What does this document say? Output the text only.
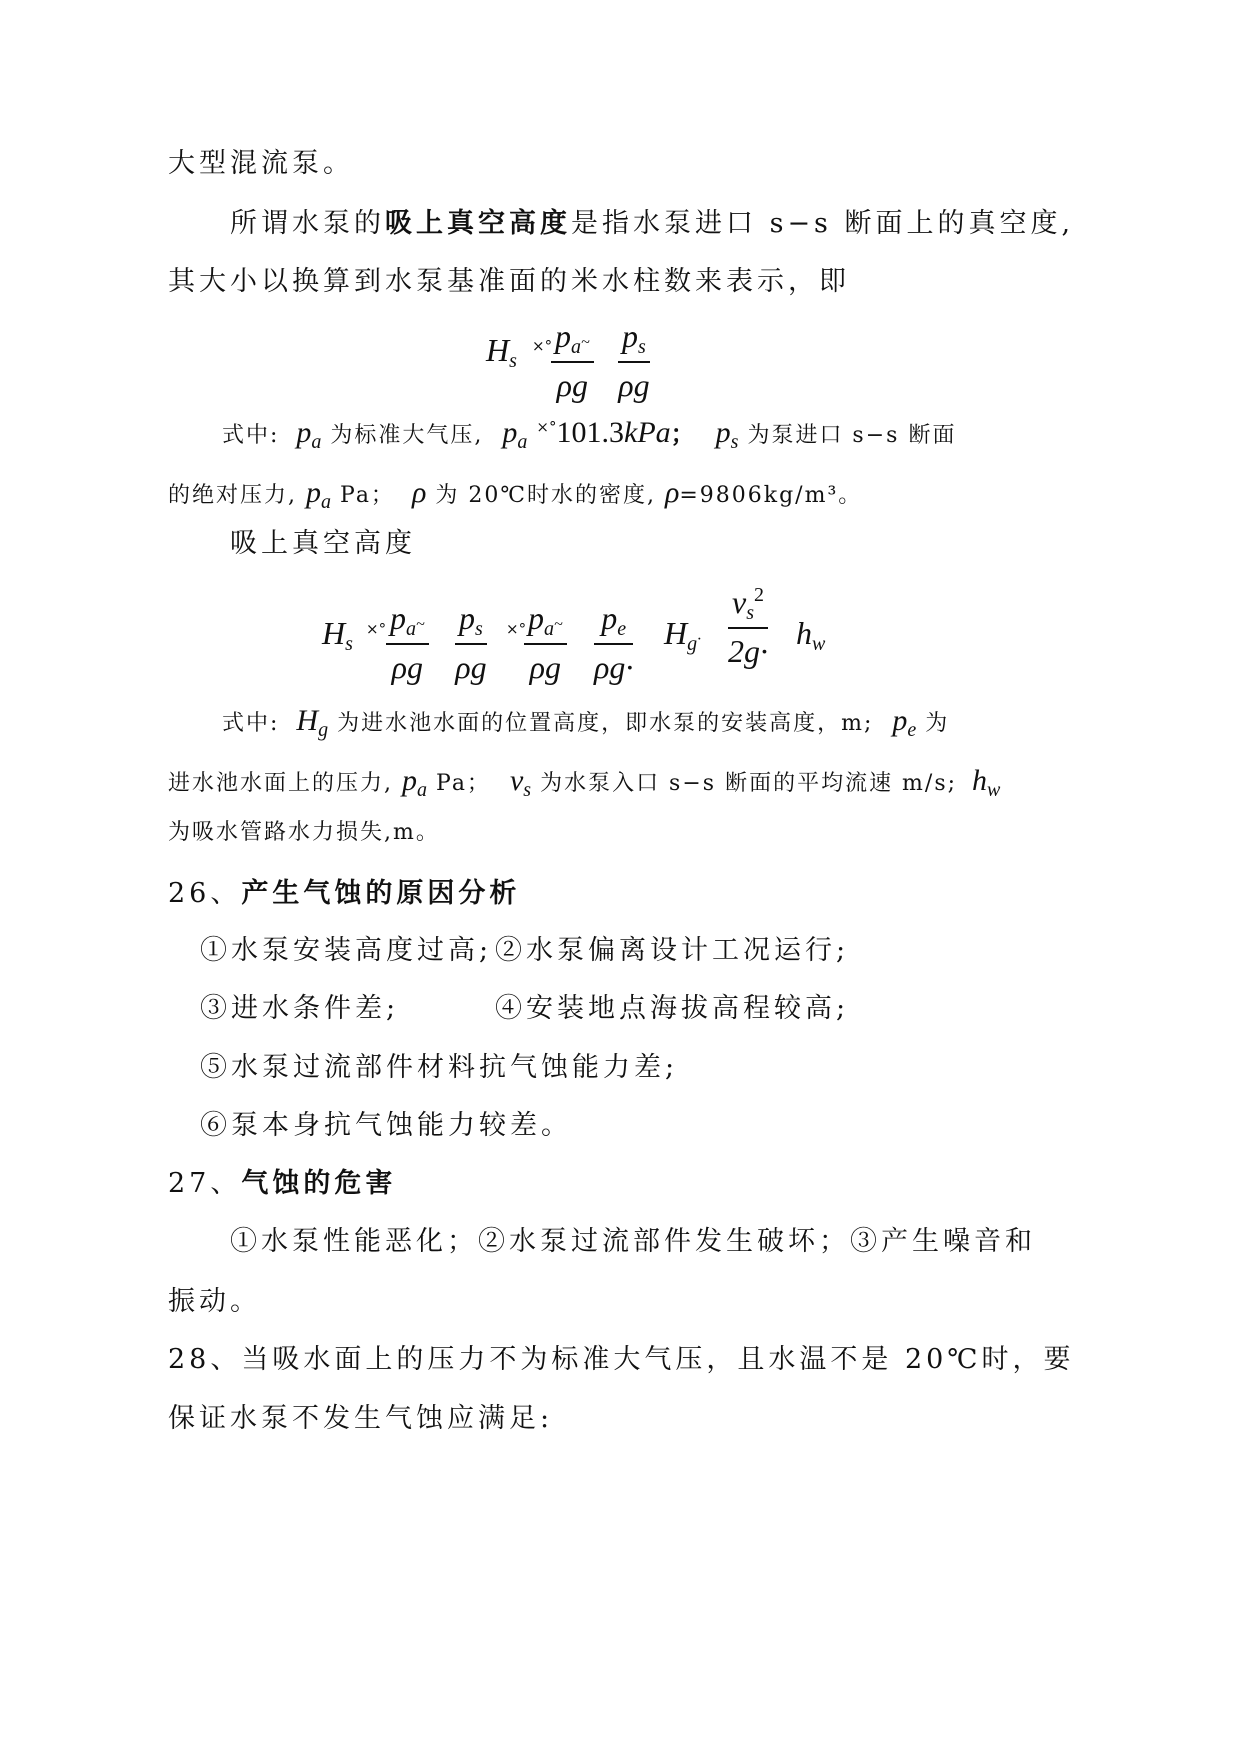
大型混流泵。
所谓水泵的吸上真空高度是指水泵进口 s−s 断面上的真空度,
其大小以换算到水泵基准面的米水柱数来表示，即
$H_s$
×°
$\frac{p_a\sim}{\rho g} \frac{p_s}{\rho g}$
式中: $p_a$ 为标准大气压, $p_a$ ×°101.3kPa； $p_s$ 为泵进口 s−s 断面
的绝对压力, $p_a$ Pa； ρ 为 20℃时水的密度, ρ=9806kg/m³。
吸上真空高度
$H_s$
×° $\frac{p_a\sim}{\rho g} \frac{p_s}{\rho g}$ ×°
$\frac{p_a\sim}{\rho g} \frac{p_e}{\rho g\cdot} H_g\cdot \frac{v_s^2}{2g\cdot} h_w$
式中: $H_g$ 为进水池水面的位置高度，即水泵的安装高度，m; $p_e$ 为
进水池水面上的压力, $p_a$ Pa； $v_s$ 为水泵入口 s−s 断面的平均流速 m/s; $h_w$
为吸水管路水力损失,m。
26、产生气蚀的原因分析
①水泵安装高度过高; ②水泵偏离设计工况运行;
③进水条件差;	④安装地点海拔高程较高;
⑤水泵过流部件材料抗气蚀能力差;
⑥泵本身抗气蚀能力较差。
27、气蚀的危害
①水泵性能恶化；②水泵过流部件发生破坏；③产生噪音和
振动。
28、当吸水面上的压力不为标准大气压，且水温不是 20℃时，要
保证水泵不发生气蚀应满足:
